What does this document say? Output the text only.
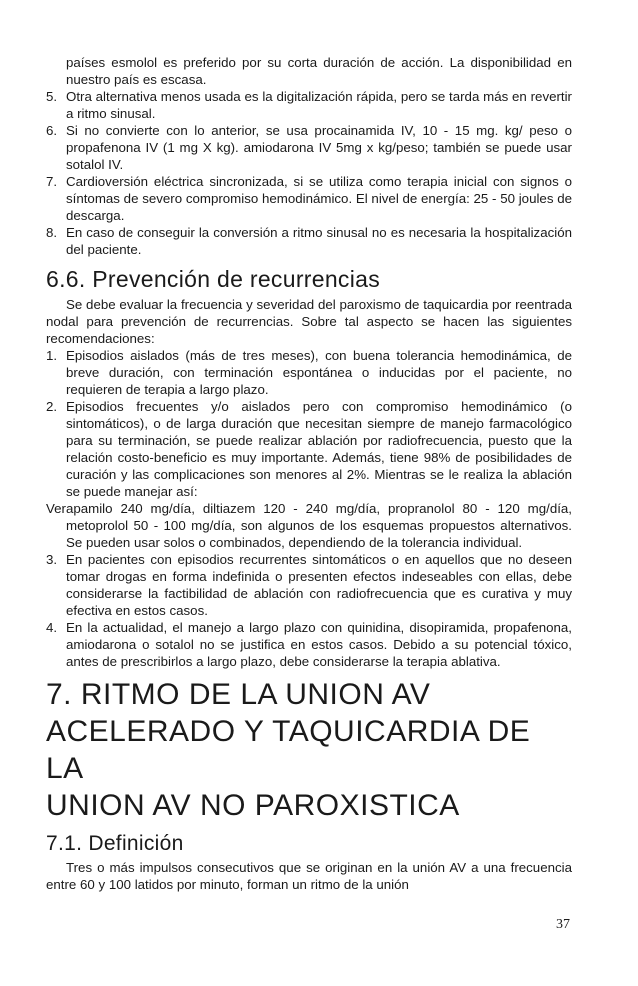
países esmolol es preferido por su corta duración de acción. La disponibilidad en nuestro país es escasa.

5. Otra alternativa menos usada es la digitalización rápida, pero se tarda más en revertir a ritmo sinusal.
6. Si no convierte con lo anterior, se usa procainamida IV, 10 - 15 mg. kg/ peso o propafenona IV (1 mg X kg). amiodarona IV 5mg x kg/peso; también se puede usar sotalol IV.
7. Cardioversión eléctrica sincronizada, si se utiliza como terapia inicial con signos o síntomas de severo compromiso hemodinámico. El nivel de energía: 25 - 50 joules de descarga.
8. En caso de conseguir la conversión a ritmo sinusal no es necesaria la hospitalización del paciente.
6.6. Prevención de recurrencias

Se debe evaluar la frecuencia y severidad del paroxismo de taquicardia por reentrada nodal para prevención de recurrencias. Sobre tal aspecto se hacen las siguientes recomendaciones:

1. Episodios aislados (más de tres meses), con buena tolerancia hemodinámica, de breve duración, con terminación espontánea o inducidas por el paciente, no requieren de terapia a largo plazo.
2. Episodios frecuentes y/o aislados pero con compromiso hemodinámico (o sintomáticos), o de larga duración que necesitan siempre de manejo farmacológico para su terminación, se puede realizar ablación por radiofrecuencia, puesto que la relación costo-beneficio es muy importante. Además, tiene 98% de posibilidades de curación y las complicaciones son menores al 2%. Mientras se le realiza la ablación se puede manejar así:

Verapamilo 240 mg/día, diltiazem 120 - 240 mg/día, propranolol 80 - 120 mg/día, metoprolol 50 - 100 mg/día, son algunos de los esquemas propuestos alternativos. Se pueden usar solos o combinados, dependiendo de la tolerancia individual.

3. En pacientes con episodios recurrentes sintomáticos o en aquellos que no deseen tomar drogas en forma indefinida o presenten efectos indeseables con ellas, debe considerarse la factibilidad de ablación con radiofrecuencia que es curativa y muy efectiva en estos casos.
4. En la actualidad, el manejo a largo plazo con quinidina, disopiramida, propafenona, amiodarona o sotalol no se justifica en estos casos. Debido a su potencial tóxico, antes de prescribirlos a largo plazo, debe considerarse la terapia ablativa.
7. RITMO DE LA UNION AV
ACELERADO Y TAQUICARDIA DE LA
UNION AV NO PAROXISTICA
7.1. Definición

Tres o más impulsos consecutivos que se originan en la unión AV a una frecuencia entre 60 y 100 latidos por minuto, forman un ritmo de la unión

37
